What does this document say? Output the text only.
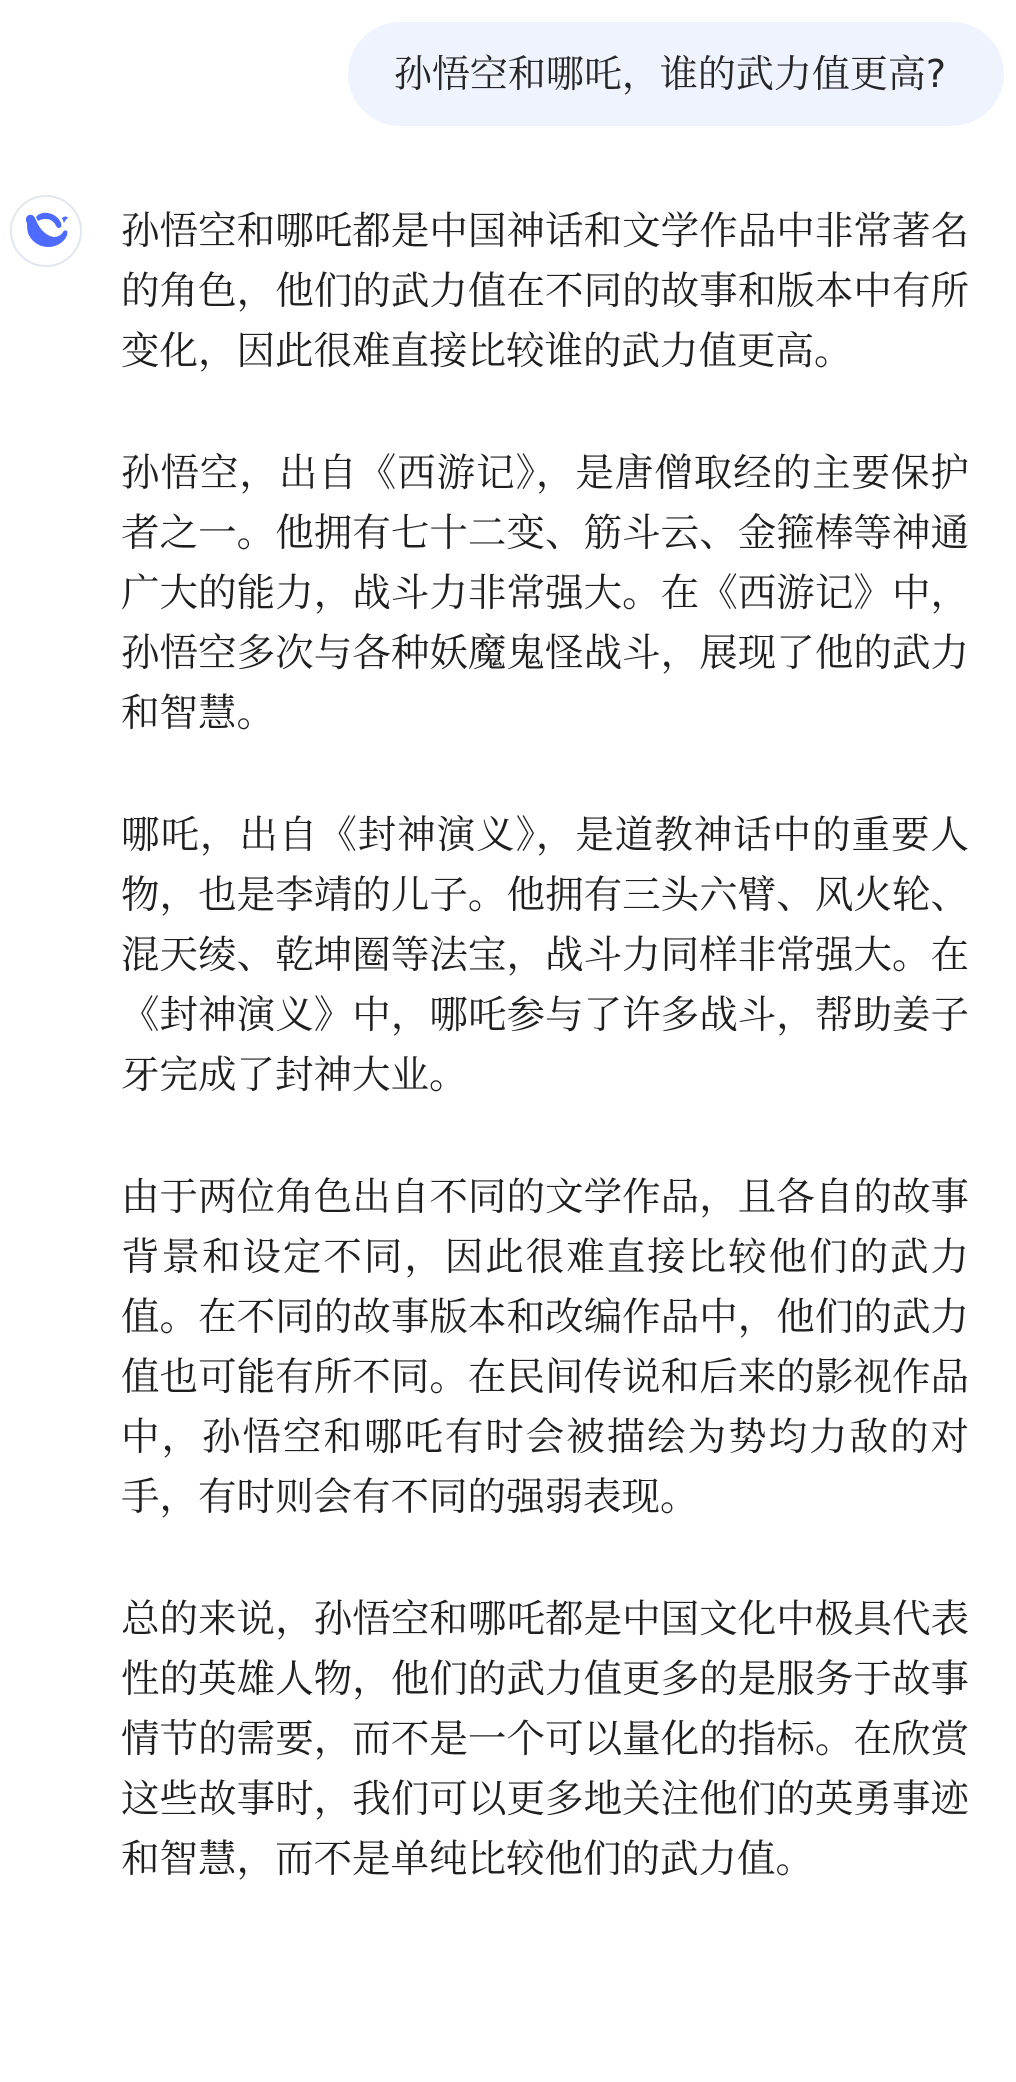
孙悟空和哪吒，谁的武力值更高?

孙悟空和哪吒都是中国神话和文学作品中非常著名的角色，他们的武力值在不同的故事和版本中有所变化，因此很难直接比较谁的武力值更高。

孙悟空，出自《西游记》，是唐僧取经的主要保护者之一。他拥有七十二变、筋斗云、金箍棒等神通广大的能力，战斗力非常强大。在《西游记》中，孙悟空多次与各种妖魔鬼怪战斗，展现了他的武力和智慧。

哪吒，出自《封神演义》，是道教神话中的重要人物，也是李靖的儿子。他拥有三头六臂、风火轮、混天绫、乾坤圈等法宝，战斗力同样非常强大。在《封神演义》中，哪吒参与了许多战斗，帮助姜子牙完成了封神大业。

由于两位角色出自不同的文学作品，且各自的故事背景和设定不同，因此很难直接比较他们的武力值。在不同的故事版本和改编作品中，他们的武力值也可能有所不同。在民间传说和后来的影视作品中，孙悟空和哪吒有时会被描绘为势均力敌的对手，有时则会有不同的强弱表现。

总的来说，孙悟空和哪吒都是中国文化中极具代表性的英雄人物，他们的武力值更多的是服务于故事情节的需要，而不是一个可以量化的指标。在欣赏这些故事时，我们可以更多地关注他们的英勇事迹和智慧，而不是单纯比较他们的武力值。
